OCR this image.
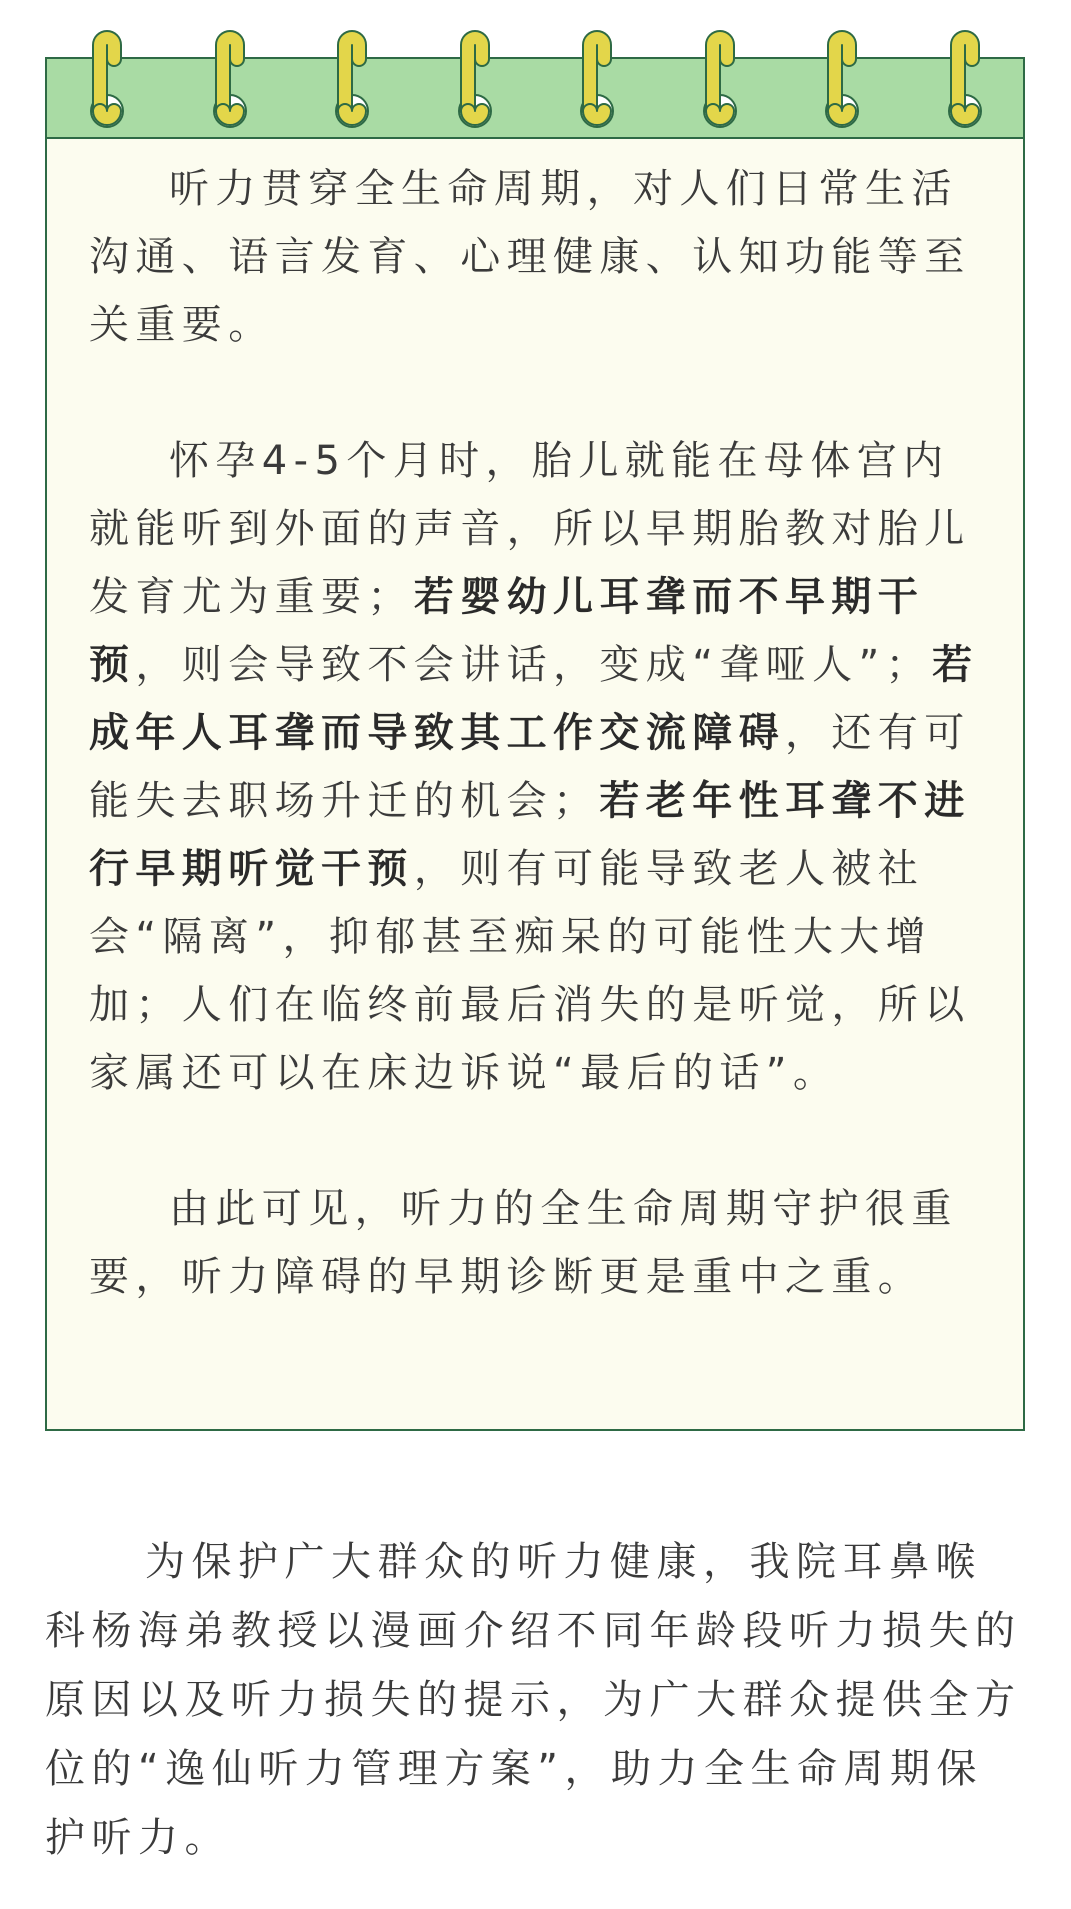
听力贯穿全生命周期，对人们日常生活沟通、语言发育、心理健康、认知功能等至关重要。

怀孕4-5个月时，胎儿就能在母体宫内就能听到外面的声音，所以早期胎教对胎儿发育尤为重要；若婴幼儿耳聋而不早期干预，则会导致不会讲话，变成“聋哑人”；若成年人耳聋而导致其工作交流障碍，还有可能失去职场升迁的机会；若老年性耳聋不进行早期听觉干预，则有可能导致老人被社会“隔离”，抑郁甚至痴呆的可能性大大增加；人们在临终前最后消失的是听觉，所以家属还可以在床边诉说“最后的话”。

由此可见，听力的全生命周期守护很重要，听力障碍的早期诊断更是重中之重。

为保护广大群众的听力健康，我院耳鼻喉科杨海弟教授以漫画介绍不同年龄段听力损失的原因以及听力损失的提示，为广大群众提供全方位的“逸仙听力管理方案”，助力全生命周期保护听力。
